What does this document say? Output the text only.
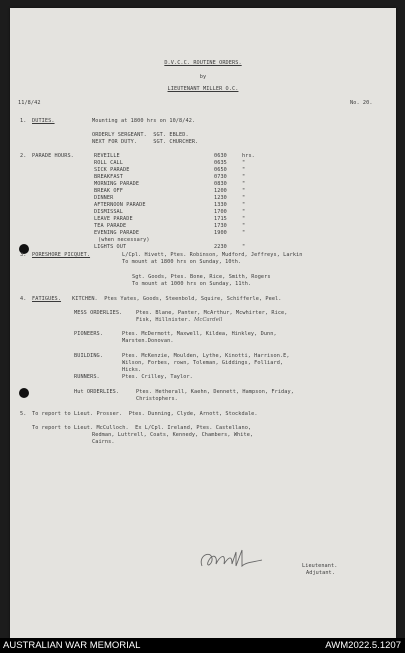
D.V.C.C. ROUTINE ORDERS.
by
LIEUTENANT MILLER O.C.
11/8/42	No. 20.
1. DUTIES.	Mounting at 1800 hrs on 10/8/42.
ORDERLY SERGEANT.  SGT. EBLED.
NEXT FOR DUTY.     SGT. CHURCHER.
2. PARADE HOURS.
3. PORESHORE PICQUET.	L/Cpl. Hivett, Ptes. Robinson, Mudford, Jeffreys, Larkin
To mount at 1800 hrs on Sunday, 10th.
Sgt. Goods, Ptes. Bone, Rice, Smith, Rogers
To mount at 1000 hrs on Sunday, 11th.
4. FATIGUES. KITCHEN.  Ptes Yates, Goods, Steenbold, Squire, Schifferle, Peel.
MESS ORDERLIES.	Ptes. Blane, Panter, McArthur, Mcwhirter, Rice,
Fisk, Hillnister. McCardell
PIONEERS.	Ptes. McDermott, Maxwell, Kildea, Hinkley, Dunn,
Marsten.Donovan.
BUILDING.	Ptes. McKenzie, Moulden, Lythe, Kinotti, Harrison.E,
Wilson, Forbes, rown, Toleman, Giddings, Folliard,
Hicks.
RUNNERS.	Ptes. Crilley, Taylor.
Hut ORDERLIES.	Ptes. Hetherall, Kaehn, Dennett, Hampson, Friday,
Christophers.
5. To report to Lieut. Prosser.  Ptes. Dunning, Clyde, Arnott, Stockdale.
To report to Lieut. McCulloch.  Ex L/Cpl. Ireland, Ptes. Castellano,
Redman, Luttrell, Coats, Kennedy, Chambers, White,
Cairns.
Lieutenant.
Adjutant.
REVEILLE	0630	hrs.
ROLL CALL	0635	"
SICK PARADE	0650	"
BREAKFAST	0730	"
MORNING PARADE	0830	"
BREAK OFF	1200	"
DINNER	1230	"
AFTERNOON PARADE	1330	"
DISMISSAL	1700	"
LEAVE PARADE	1715	"
TEA PARADE	1730	"
EVENING PARADE	1900	"
(when necessary)
LIGHTS OUT	2230	"
AUSTRALIAN WAR MEMORIAL	AWM2022.5.1207
